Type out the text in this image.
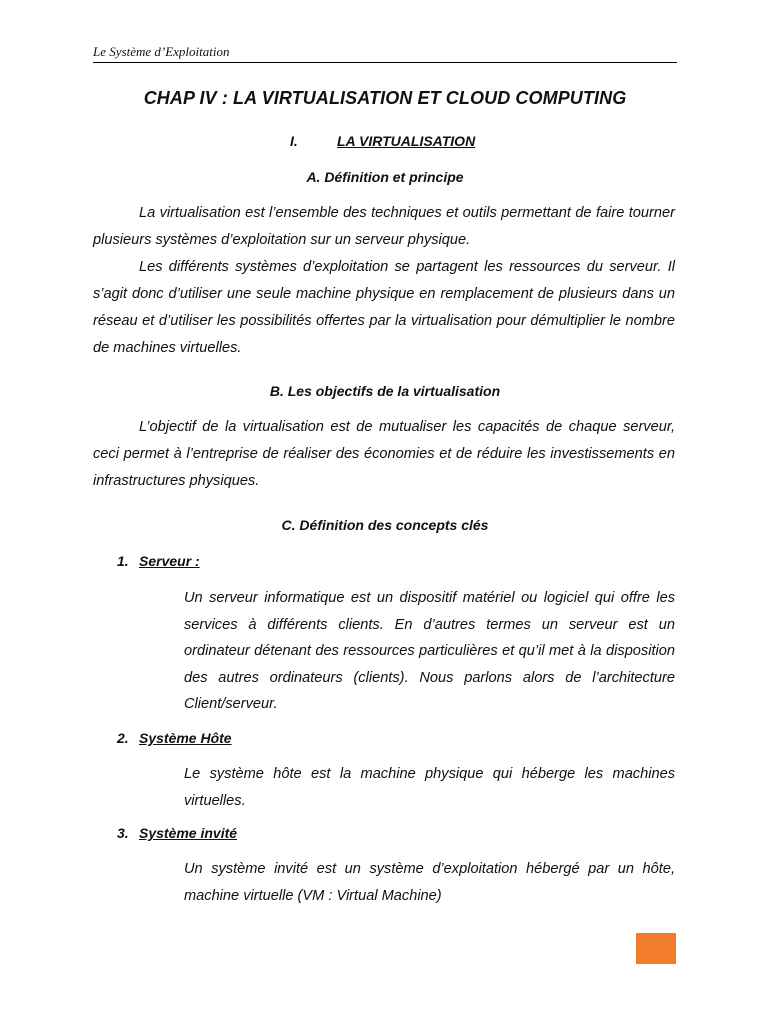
Le Système d’Exploitation
CHAP IV : LA VIRTUALISATION ET CLOUD COMPUTING
I.	LA VIRTUALISATION
A. Définition et principe

La virtualisation est l’ensemble des techniques et outils permettant de faire tourner plusieurs systèmes d’exploitation sur un serveur physique.

Les différents systèmes d’exploitation se partagent les ressources du serveur. Il s’agit donc d’utiliser une seule machine physique en remplacement de plusieurs dans un réseau et d’utiliser les possibilités offertes par la virtualisation pour démultiplier le nombre de machines virtuelles.

B. Les objectifs de la virtualisation

L’objectif de la virtualisation est de mutualiser les capacités de chaque serveur, ceci permet à l’entreprise de réaliser des économies et de réduire les investissements en infrastructures physiques.

C. Définition des concepts clés
1. Serveur :
Un serveur informatique est un dispositif matériel ou logiciel qui offre les services à différents clients. En d’autres termes un serveur est un ordinateur détenant des ressources particulières et qu’il met à la disposition des autres ordinateurs (clients). Nous parlons alors de l’architecture Client/serveur.
2. Système Hôte
Le système hôte est la machine physique qui héberge les machines virtuelles.
3. Système invité
Un système invité est un système d’exploitation hébergé par un hôte, machine virtuelle (VM : Virtual Machine)
